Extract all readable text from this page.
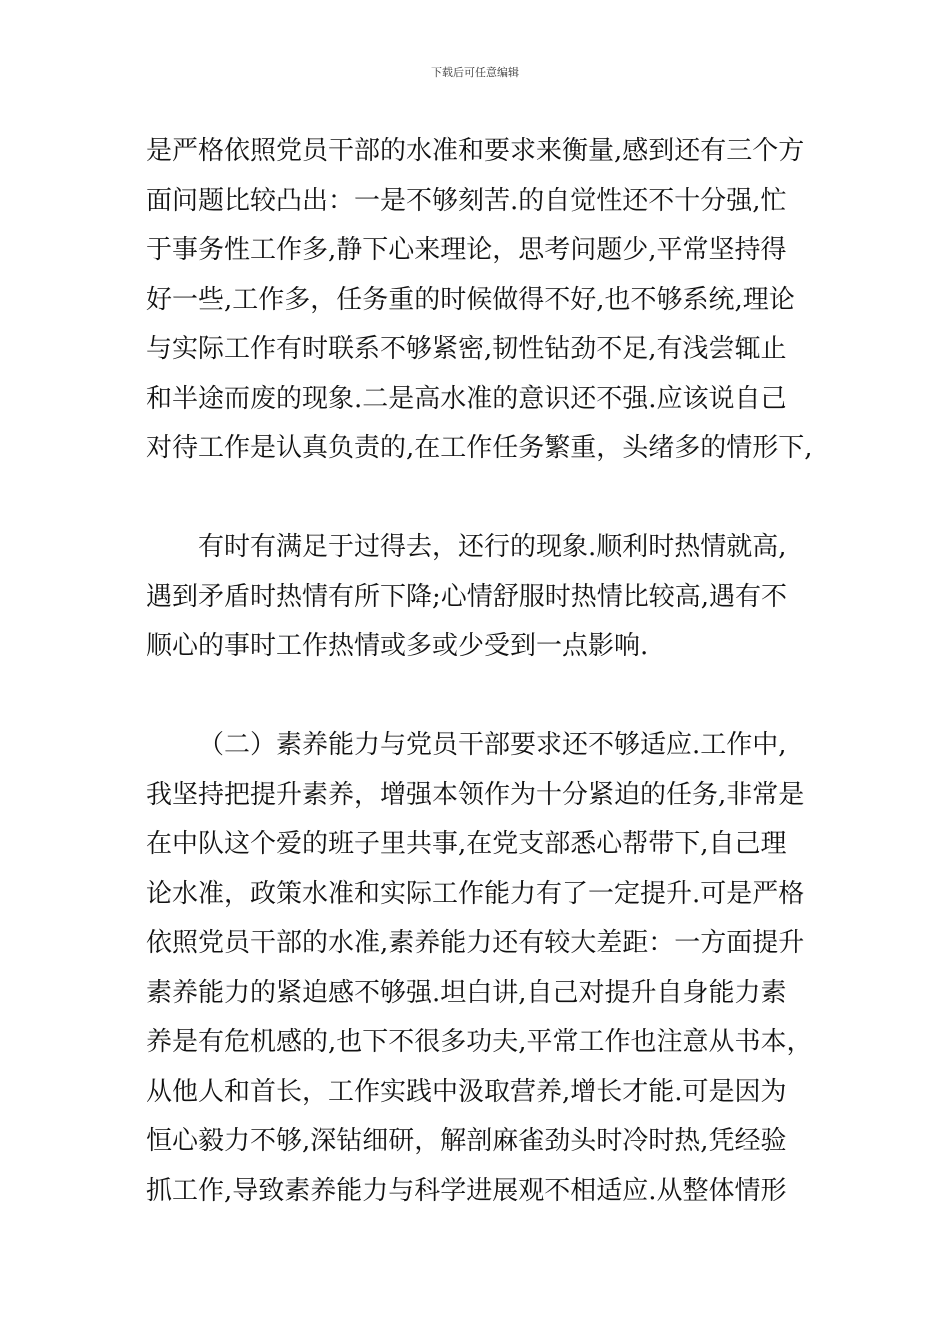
下载后可任意编辑
是严格依照党员干部的水准和要求来衡量,感到还有三个方
面问题比较凸出：一是不够刻苦.的自觉性还不十分强,忙
于事务性工作多,静下心来理论，思考问题少,平常坚持得
好一些,工作多，任务重的时候做得不好,也不够系统,理论
与实际工作有时联系不够紧密,韧性钻劲不足,有浅尝辄止
和半途而废的现象.二是高水准的意识还不强.应该说自己
对待工作是认真负责的,在工作任务繁重，头绪多的情形下,
有时有满足于过得去，还行的现象.顺利时热情就高,
遇到矛盾时热情有所下降;心情舒服时热情比较高,遇有不
顺心的事时工作热情或多或少受到一点影响.
（二）素养能力与党员干部要求还不够适应.工作中,
我坚持把提升素养，增强本领作为十分紧迫的任务,非常是
在中队这个爱的班子里共事,在党支部悉心帮带下,自己理
论水准，政策水准和实际工作能力有了一定提升.可是严格
依照党员干部的水准,素养能力还有较大差距：一方面提升
素养能力的紧迫感不够强.坦白讲,自己对提升自身能力素
养是有危机感的,也下不很多功夫,平常工作也注意从书本，
从他人和首长，工作实践中汲取营养,增长才能.可是因为
恒心毅力不够,深钻细研，解剖麻雀劲头时冷时热,凭经验
抓工作,导致素养能力与科学进展观不相适应.从整体情形
